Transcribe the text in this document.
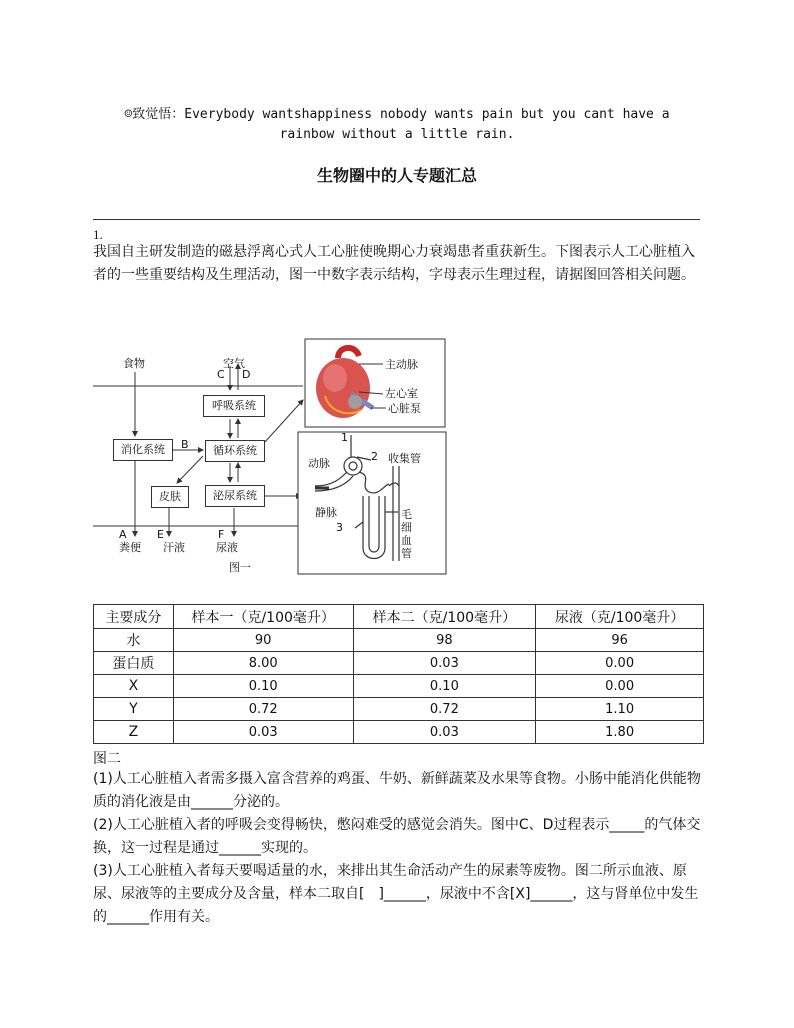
☺致觉悟：Everybody wantshappiness nobody wants pain but you cant have a rainbow without a little rain.
生物圈中的人专题汇总
1.
我国自主研发制造的磁悬浮离心式人工心脏使晚期心力衰竭患者重获新生。下图表示人工心脏植入者的一些重要结构及生理活动，图一中数字表示结构，字母表示生理过程，请据图回答相关问题。
食物	空气
C D
呼吸系统
B
消化系统	循环系统
皮肤	泌尿系统
A	E	F
粪便 汗液	尿液
图一
主动脉
左心室
心脏泵
1
2
3
动脉
静脉
收集管
毛细血管
主要成分	样本一（克/100毫升）	样本二（克/100毫升）	尿液（克/100毫升）
水	90	98	96
蛋白质	8.00	0.03	0.00
X	0.10	0.10	0.00
Y	0.72	0.72	1.10
Z	0.03	0.03	1.80
图二

(1)人工心脏植入者需多摄入富含营养的鸡蛋、牛奶、新鲜蔬菜及水果等食物。小肠中能消化供能物质的消化液是由______分泌的。

(2)人工心脏植入者的呼吸会变得畅快，憋闷难受的感觉会消失。图中C、D过程表示_____的气体交换，这一过程是通过______实现的。

(3)人工心脏植入者每天要喝适量的水，来排出其生命活动产生的尿素等废物。图二所示血液、原尿、尿液等的主要成分及含量，样本二取自[　]______，尿液中不含[X]______，这与肾单位中发生的______作用有关。
